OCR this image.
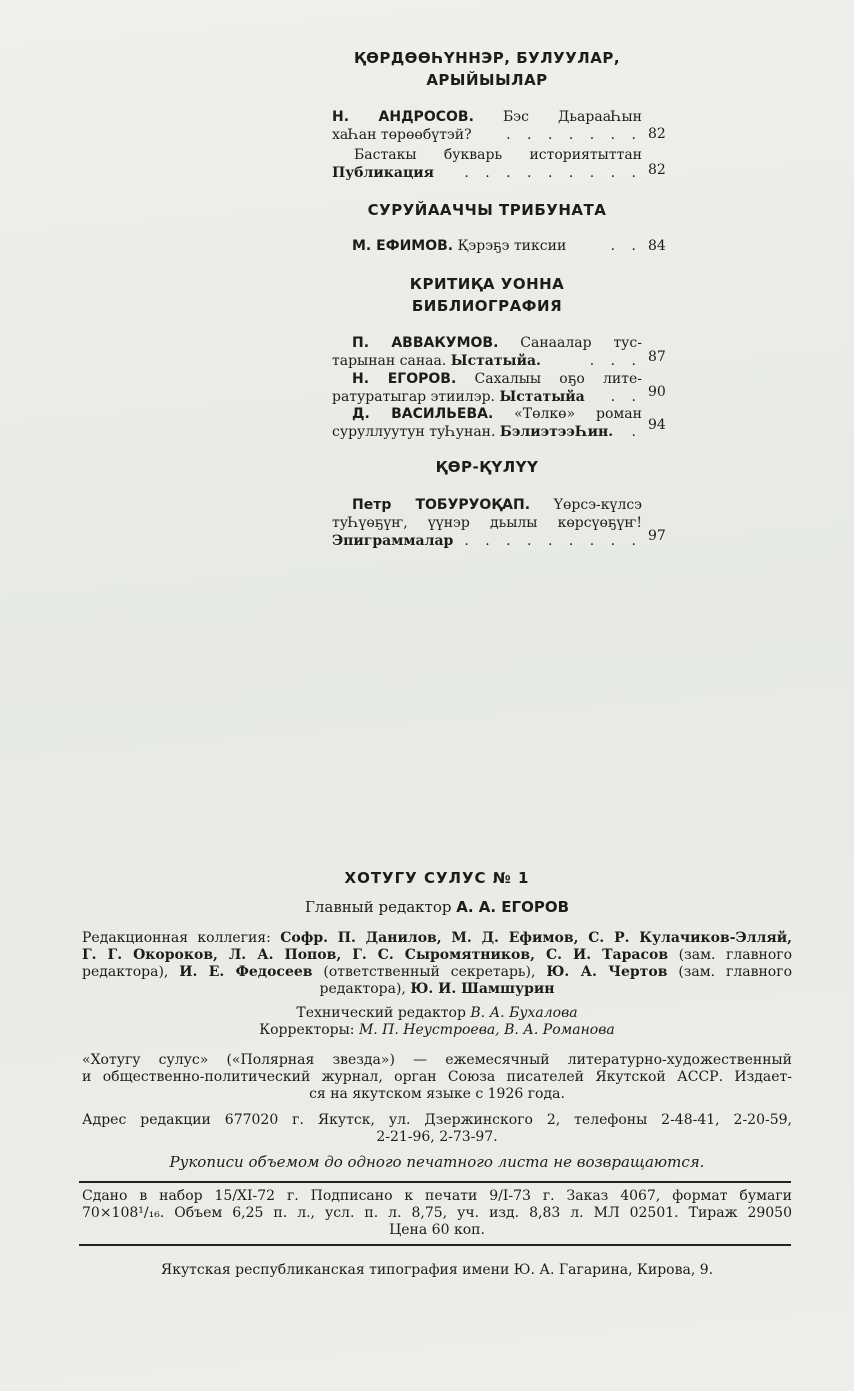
ҚӨРДӨӨҺҮННЭР, БУЛУУЛАР,
АРЫЙЫЫЛАР
Н. АНДРОСОВ. Бэс ДьарааҺын
хаҺан төрөөбүтэй? . . . . . . .
Бастакы букварь историятыттан
Публикация . . . . . . . . .
СУРУЙААЧЧЫ ТРИБУНАТА
М. ЕФИМОВ. Қэрэҕэ тиксии	. .
КРИТИҚА УОННА
БИБЛИОГРАФИЯ
П. АВВАКУМОВ. Санаалар тус-
тарынан санаа. Ыстатыйа.	. . .
Н. ЕГОРОВ. Сахалыы оҕо лите-
ратуратыгар этиилэр. Ыстатыйа . .
Д. ВАСИЛЬЕВА. «Төлкө» роман
суруллуутун туҺунан. БэлиэтээҺин. .
ҚӨР-ҚҮЛҮҮ
Петр ТОБУРУОҚАП. Үөрсэ-күлсэ
туҺүөҕүҥ, үүнэр дьылы көрсүөҕүҥ!
Эпиграммалар . . . . . . . . .
82
82
84
87
90
94
97
ХОТУГУ СУЛУС № 1
Главный редактор А. А. ЕГОРОВ
Редакционная коллегия: Софр. П. Данилов, М. Д. Ефимов, С. Р. Кулачиков-Элляй,
Г. Г. Окороков, Л. А. Попов, Г. С. Сыромятников, С. И. Тарасов (зам. главного
редактора), И. Е. Федосеев (ответственный секретарь), Ю. А. Чертов (зам. главного
редактора), Ю. И. Шамшурин
Технический редактор В. А. Бухалова
Корректоры: М. П. Неустроева, В. А. Романова
«Хотугу сулус» («Полярная звезда») — ежемесячный литературно-художественный
и общественно-политический журнал, орган Союза писателей Якутской АССР. Издает-
ся на якутском языке с 1926 года.
Адрес редакции 677020 г. Якутск, ул. Дзержинского 2, телефоны 2-48-41, 2-20-59,
2-21-96, 2-73-97.
Рукописи объемом до одного печатного листа не возвращаются.
Сдано в набор 15/XI-72 г. Подписано к печати 9/I-73 г. Заказ 4067, формат бумаги
70×108¹/₁₆. Объем 6,25 п. л., усл. п. л. 8,75, уч. изд. 8,83 л. МЛ 02501. Тираж 29050
Цена 60 коп.
Якутская республиканская типография имени Ю. А. Гагарина, Кирова, 9.
